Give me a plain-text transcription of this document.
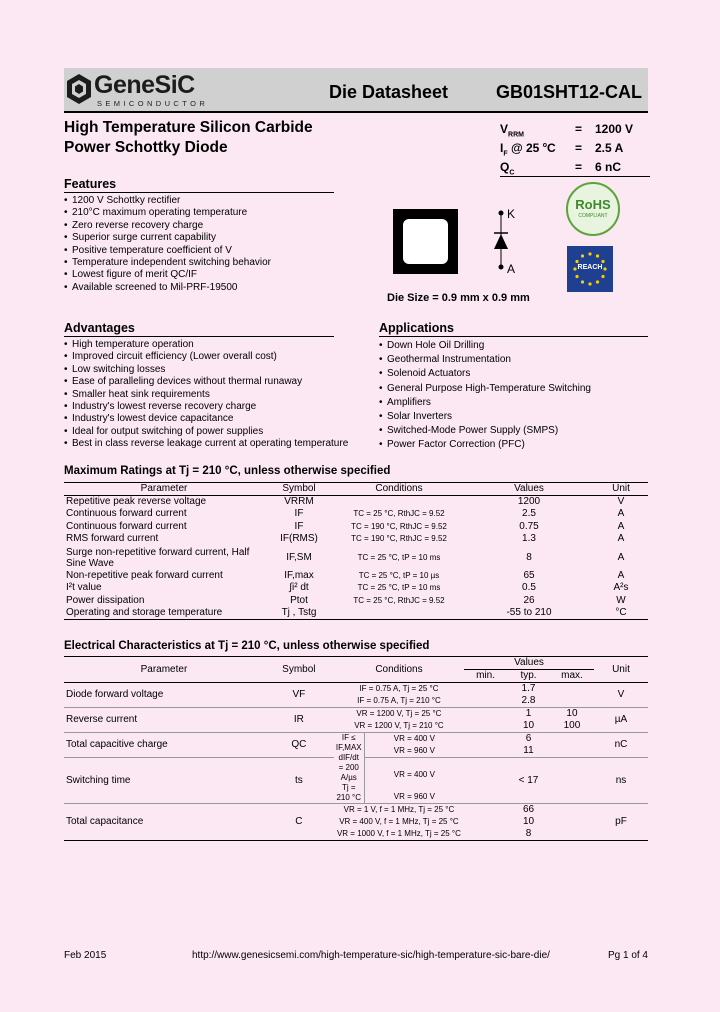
GeneSiC
SEMICONDUCTOR
Die Datasheet	GB01SHT12-CAL
High Temperature Silicon Carbide
Power Schottky Diode
$V_{RRM}$	= 1200 V
$I_F$ @ 25 $^o$C = 2.5 A
$Q_C$	= 6 nC
Features
• 1200 V Schottky rectifier
• 210°C maximum operating temperature
• Zero reverse recovery charge
• Superior surge current capability
• Positive temperature coefficient of V
• Temperature independent switching behavior
• Lowest figure of merit QC/IF
• Available screened to Mil-PRF-19500
K
A
Die Size = 0.9 mm x 0.9 mm
RoHS
COMPLIANT
REACH
Advantages
• High temperature operation
• Improved circuit efficiency (Lower overall cost)
• Low switching losses
• Ease of paralleling devices without thermal runaway
• Smaller heat sink requirements
• Industry's lowest reverse recovery charge
• Industry's lowest device capacitance
• Ideal for output switching of power supplies
• Best in class reverse leakage current at operating temperature
Applications
• Down Hole Oil Drilling
• Geothermal Instrumentation
• Solenoid Actuators
• General Purpose High-Temperature Switching
• Amplifiers
• Solar Inverters
• Switched-Mode Power Supply (SMPS)
• Power Factor Correction (PFC)
Maximum Ratings at Tj = 210 °C, unless otherwise specified
Parameter	Symbol	Conditions	Values	Unit
Repetitive peak reverse voltage	VRRM		1200	V
Continuous forward current	IF	TC = 25 °C, RthJC = 9.52	2.5	A
Continuous forward current	IF	TC = 190 °C, RthJC = 9.52	0.75	A
RMS forward current	IF(RMS)	TC = 190 °C, RthJC = 9.52	1.3	A
Surge non-repetitive forward current, Half Sine Wave	IF,SM	TC = 25 °C, tP = 10 ms	8	A
Non-repetitive peak forward current	IF,max	TC = 25 °C, tP = 10 µs	65	A
I²t value	∫i² dt	TC = 25 °C, tP = 10 ms	0.5	A²s
Power dissipation	Ptot	TC = 25 °C, RthJC = 9.52	26	W
Operating and storage temperature	Tj , Tstg		-55 to 210	°C
Electrical Characteristics at Tj = 210 °C, unless otherwise specified
Parameter	Symbol	Conditions		Values			Unit
				min.	typ.	max.	
Diode forward voltage	VF	IF = 0.75 A, Tj = 25 °C			1.7		V
		IF = 0.75 A, Tj = 210 °C			2.8		
Reverse current	IR	VR = 1200 V, Tj = 25 °C			1	10	µA
		VR = 1200 V, Tj = 210 °C			10	100	
Total capacitive charge	QC	IF ≤ IF,MAX
dIF/dt = 200 A/µs
Tj = 210 °C	VR = 400 V		6		nC
			VR = 960 V		11		
Switching time	ts		VR = 400 V		< 17		ns
			VR = 960 V				
Total capacitance	C	VR = 1 V, f = 1 MHz, Tj = 25 °C			66		pF
		VR = 400 V, f = 1 MHz, Tj = 25 °C			10		
		VR = 1000 V, f = 1 MHz, Tj = 25 °C			8		
Feb 2015	http://www.genesicsemi.com/high-temperature-sic/high-temperature-sic-bare-die/	Pg 1 of 4
